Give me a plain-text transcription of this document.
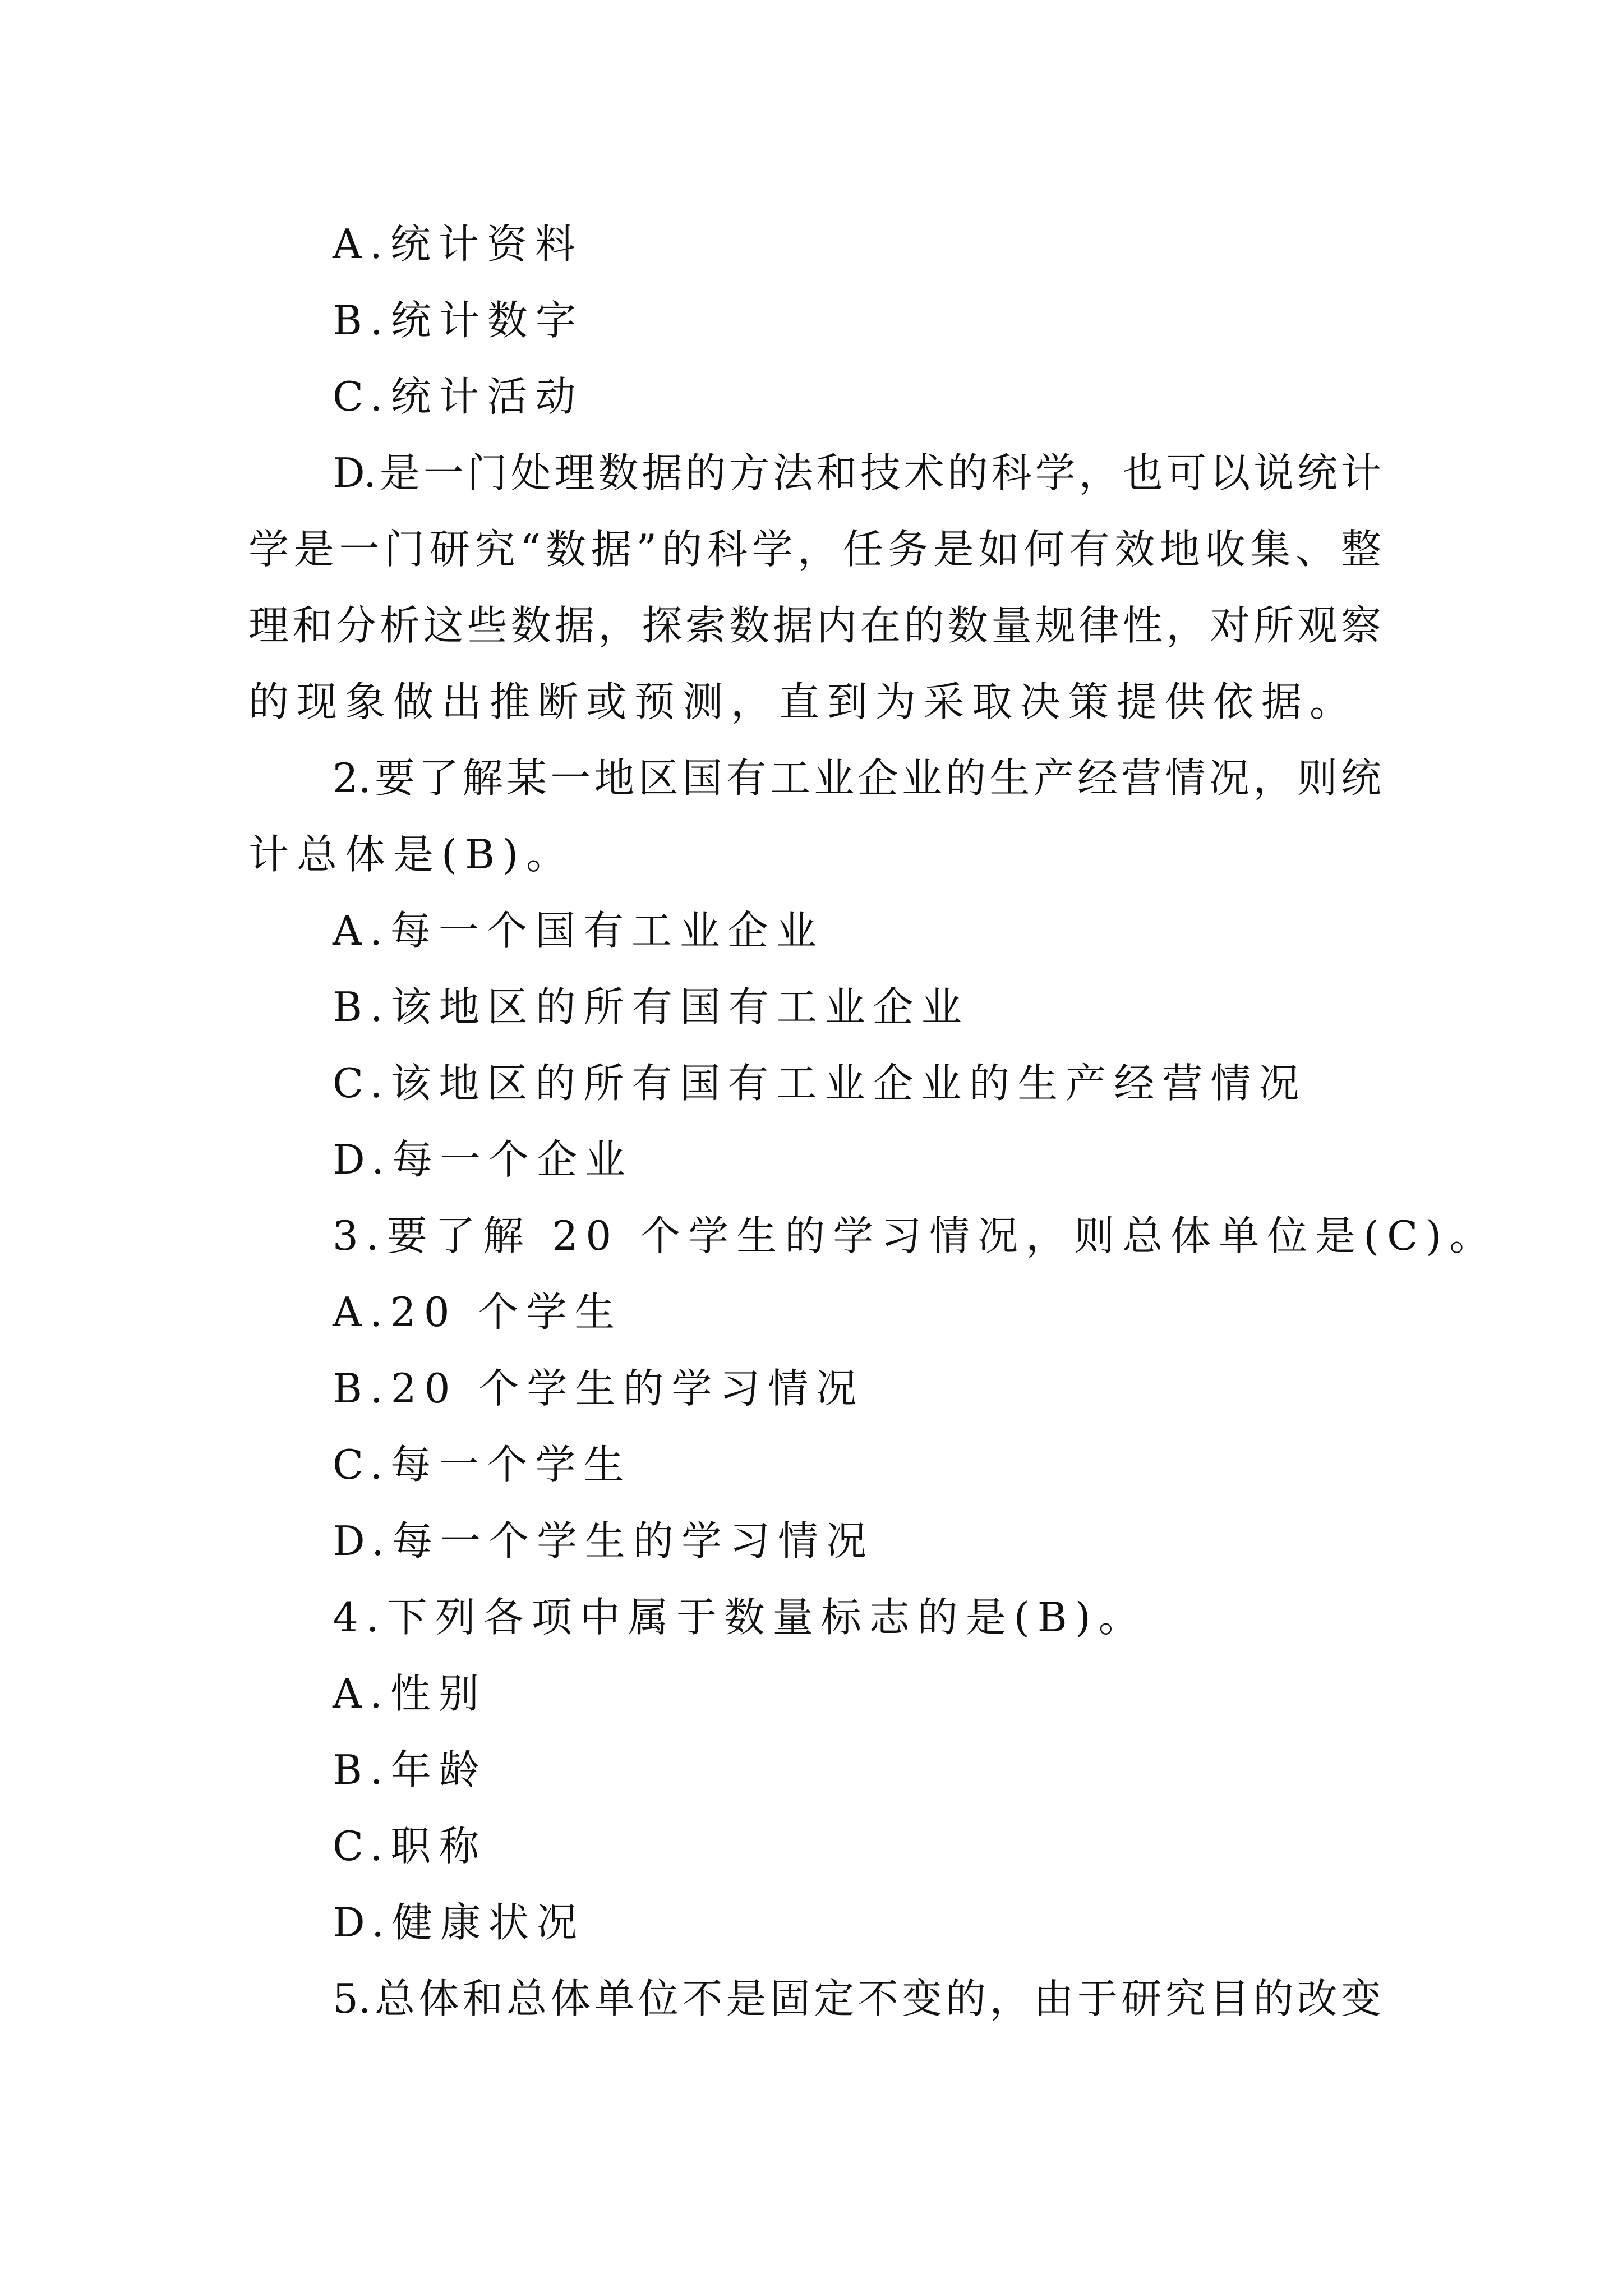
A.统计资料
B.统计数字
C.统计活动
D.是一门处理数据的方法和技术的科学，也可以说统计
学是一门研究“数据”的科学，任务是如何有效地收集、整
理和分析这些数据，探索数据内在的数量规律性，对所观察
的现象做出推断或预测，直到为采取决策提供依据。
2.要了解某一地区国有工业企业的生产经营情况，则统
计总体是(B)。
A.每一个国有工业企业
B.该地区的所有国有工业企业
C.该地区的所有国有工业企业的生产经营情况
D.每一个企业
3.要了解 20 个学生的学习情况，则总体单位是(C)。
A.20 个学生
B.20 个学生的学习情况
C.每一个学生
D.每一个学生的学习情况
4.下列各项中属于数量标志的是(B)。
A.性别
B.年龄
C.职称
D.健康状况
5.总体和总体单位不是固定不变的，由于研究目的改变
